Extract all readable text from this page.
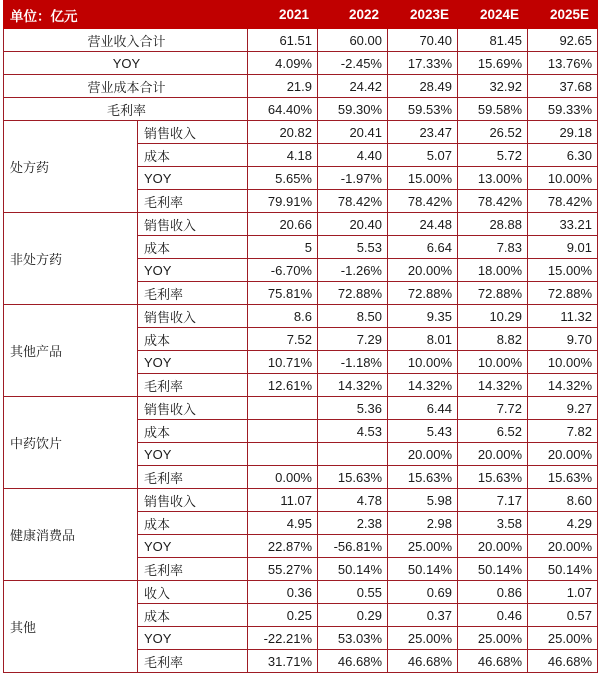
单位：亿元		2021	2022	2023E	2024E	2025E
营业收入合计		61.51	60.00	70.40	81.45	92.65
YOY		4.09%	-2.45%	17.33%	15.69%	13.76%
营业成本合计		21.9	24.42	28.49	32.92	37.68
毛利率		64.40%	59.30%	59.53%	59.58%	59.33%
处方药	销售收入	20.82	20.41	23.47	26.52	29.18
	成本	4.18	4.40	5.07	5.72	6.30
	YOY	5.65%	-1.97%	15.00%	13.00%	10.00%
	毛利率	79.91%	78.42%	78.42%	78.42%	78.42%
非处方药	销售收入	20.66	20.40	24.48	28.88	33.21
	成本	5	5.53	6.64	7.83	9.01
	YOY	-6.70%	-1.26%	20.00%	18.00%	15.00%
	毛利率	75.81%	72.88%	72.88%	72.88%	72.88%
其他产品	销售收入	8.6	8.50	9.35	10.29	11.32
	成本	7.52	7.29	8.01	8.82	9.70
	YOY	10.71%	-1.18%	10.00%	10.00%	10.00%
	毛利率	12.61%	14.32%	14.32%	14.32%	14.32%
中药饮片	销售收入		5.36	6.44	7.72	9.27
	成本		4.53	5.43	6.52	7.82
	YOY			20.00%	20.00%	20.00%
	毛利率	0.00%	15.63%	15.63%	15.63%	15.63%
健康消费品	销售收入	11.07	4.78	5.98	7.17	8.60
	成本	4.95	2.38	2.98	3.58	4.29
	YOY	22.87%	-56.81%	25.00%	20.00%	20.00%
	毛利率	55.27%	50.14%	50.14%	50.14%	50.14%
其他	收入	0.36	0.55	0.69	0.86	1.07
	成本	0.25	0.29	0.37	0.46	0.57
	YOY	-22.21%	53.03%	25.00%	25.00%	25.00%
	毛利率	31.71%	46.68%	46.68%	46.68%	46.68%
